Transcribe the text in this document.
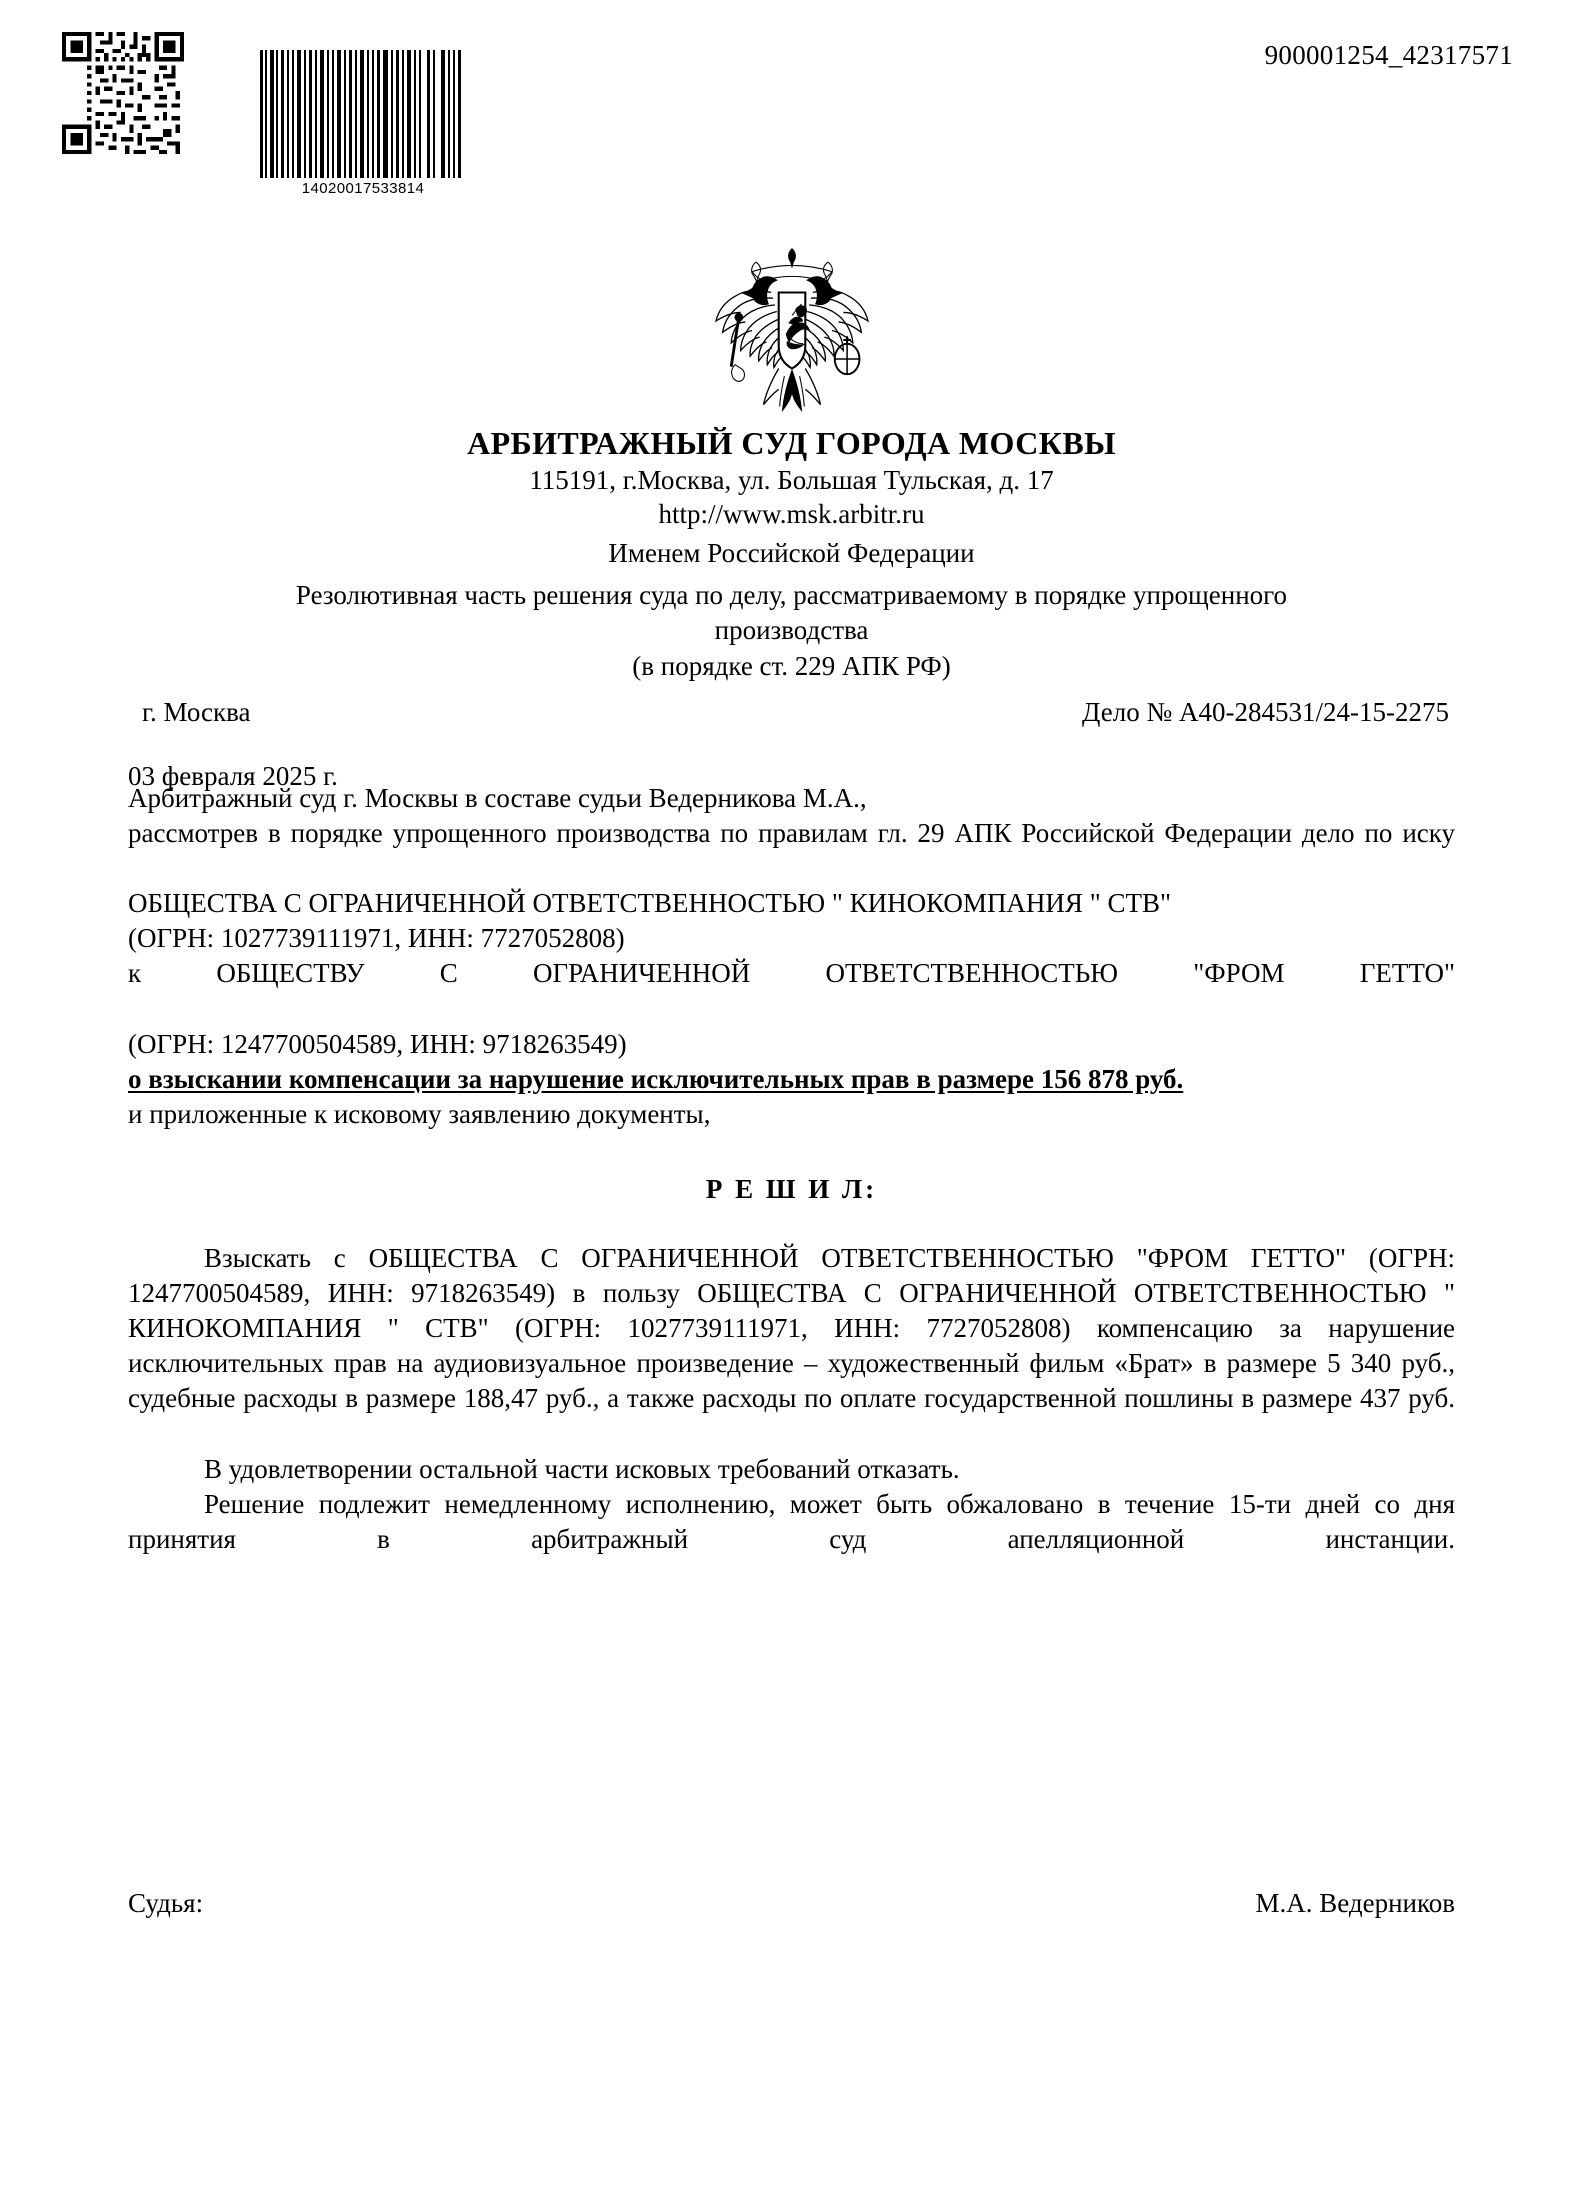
14020017533814
900001254_42317571
АРБИТРАЖНЫЙ СУД ГОРОДА МОСКВЫ
115191, г.Москва, ул. Большая Тульская, д. 17
http://www.msk.arbitr.ru
Именем Российской Федерации
Резолютивная часть решения суда по делу, рассматриваемому в порядке упрощенного производства
(в порядке ст. 229 АПК РФ)
г. Москва	Дело № А40-284531/24-15-2275
03 февраля 2025 г.

Арбитражный суд г. Москвы в составе судьи Ведерникова М.А.,

рассмотрев в порядке упрощенного производства по правилам гл. 29 АПК Российской Федерации дело по иску

ОБЩЕСТВА С ОГРАНИЧЕННОЙ ОТВЕТСТВЕННОСТЬЮ " КИНОКОМПАНИЯ " СТВ"

(ОГРН: 1027739111971, ИНН: 7727052808)

к ОБЩЕСТВУ С ОГРАНИЧЕННОЙ ОТВЕТСТВЕННОСТЬЮ "ФРОМ ГЕТТО"

(ОГРН: 1247700504589, ИНН: 9718263549)

о взыскании компенсации за нарушение исключительных прав в размере 156 878 руб.

и приложенные к исковому заявлению документы,

Р Е Ш И Л:

Взыскать с ОБЩЕСТВА С ОГРАНИЧЕННОЙ ОТВЕТСТВЕННОСТЬЮ "ФРОМ ГЕТТО" (ОГРН: 1247700504589, ИНН: 9718263549) в пользу ОБЩЕСТВА С ОГРАНИЧЕННОЙ ОТВЕТСТВЕННОСТЬЮ " КИНОКОМПАНИЯ " СТВ" (ОГРН: 1027739111971, ИНН: 7727052808) компенсацию за нарушение исключительных прав на аудиовизуальное произведение – художественный фильм «Брат» в размере 5 340 руб., судебные расходы в размере 188,47 руб., а также расходы по оплате государственной пошлины в размере 437 руб.

В удовлетворении остальной части исковых требований отказать.

Решение подлежит немедленному исполнению, может быть обжаловано в течение 15-ти дней со дня принятия в арбитражный суд апелляционной инстанции.

Судья:	М.А. Ведерников
